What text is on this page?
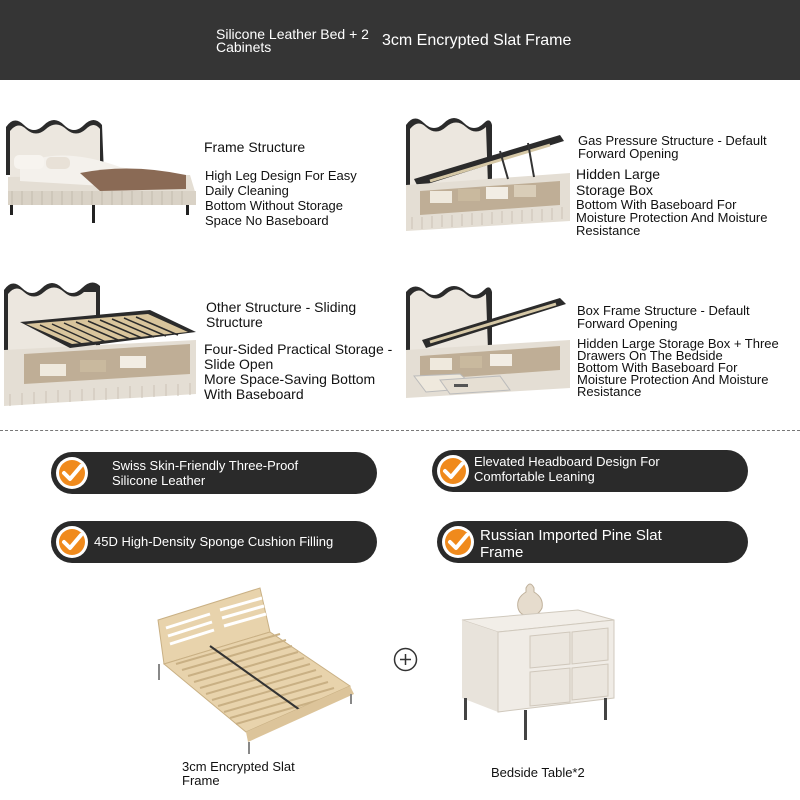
Silicone Leather Bed + 2 Cabinets	3cm Encrypted Slat Frame
Frame Structure
High Leg Design For Easy
Daily Cleaning
Bottom Without Storage
Space No Baseboard
Gas Pressure Structure - Default Forward Opening
Hidden Large
Storage Box
Bottom With Baseboard For
Moisture Protection And Moisture
Resistance
Other Structure - Sliding Structure
Four-Sided Practical Storage -
Slide Open
More Space-Saving Bottom
With Baseboard
Box Frame Structure - Default Forward Opening
Hidden Large Storage Box + Three
Drawers On The Bedside
Bottom With Baseboard For
Moisture Protection And Moisture
Resistance
Swiss Skin-Friendly Three-Proof Silicone Leather
Elevated Headboard Design For Comfortable Leaning
45D High-Density Sponge Cushion Filling	Russian Imported Pine Slat Frame
3cm Encrypted Slat Frame
Bedside Table*2
